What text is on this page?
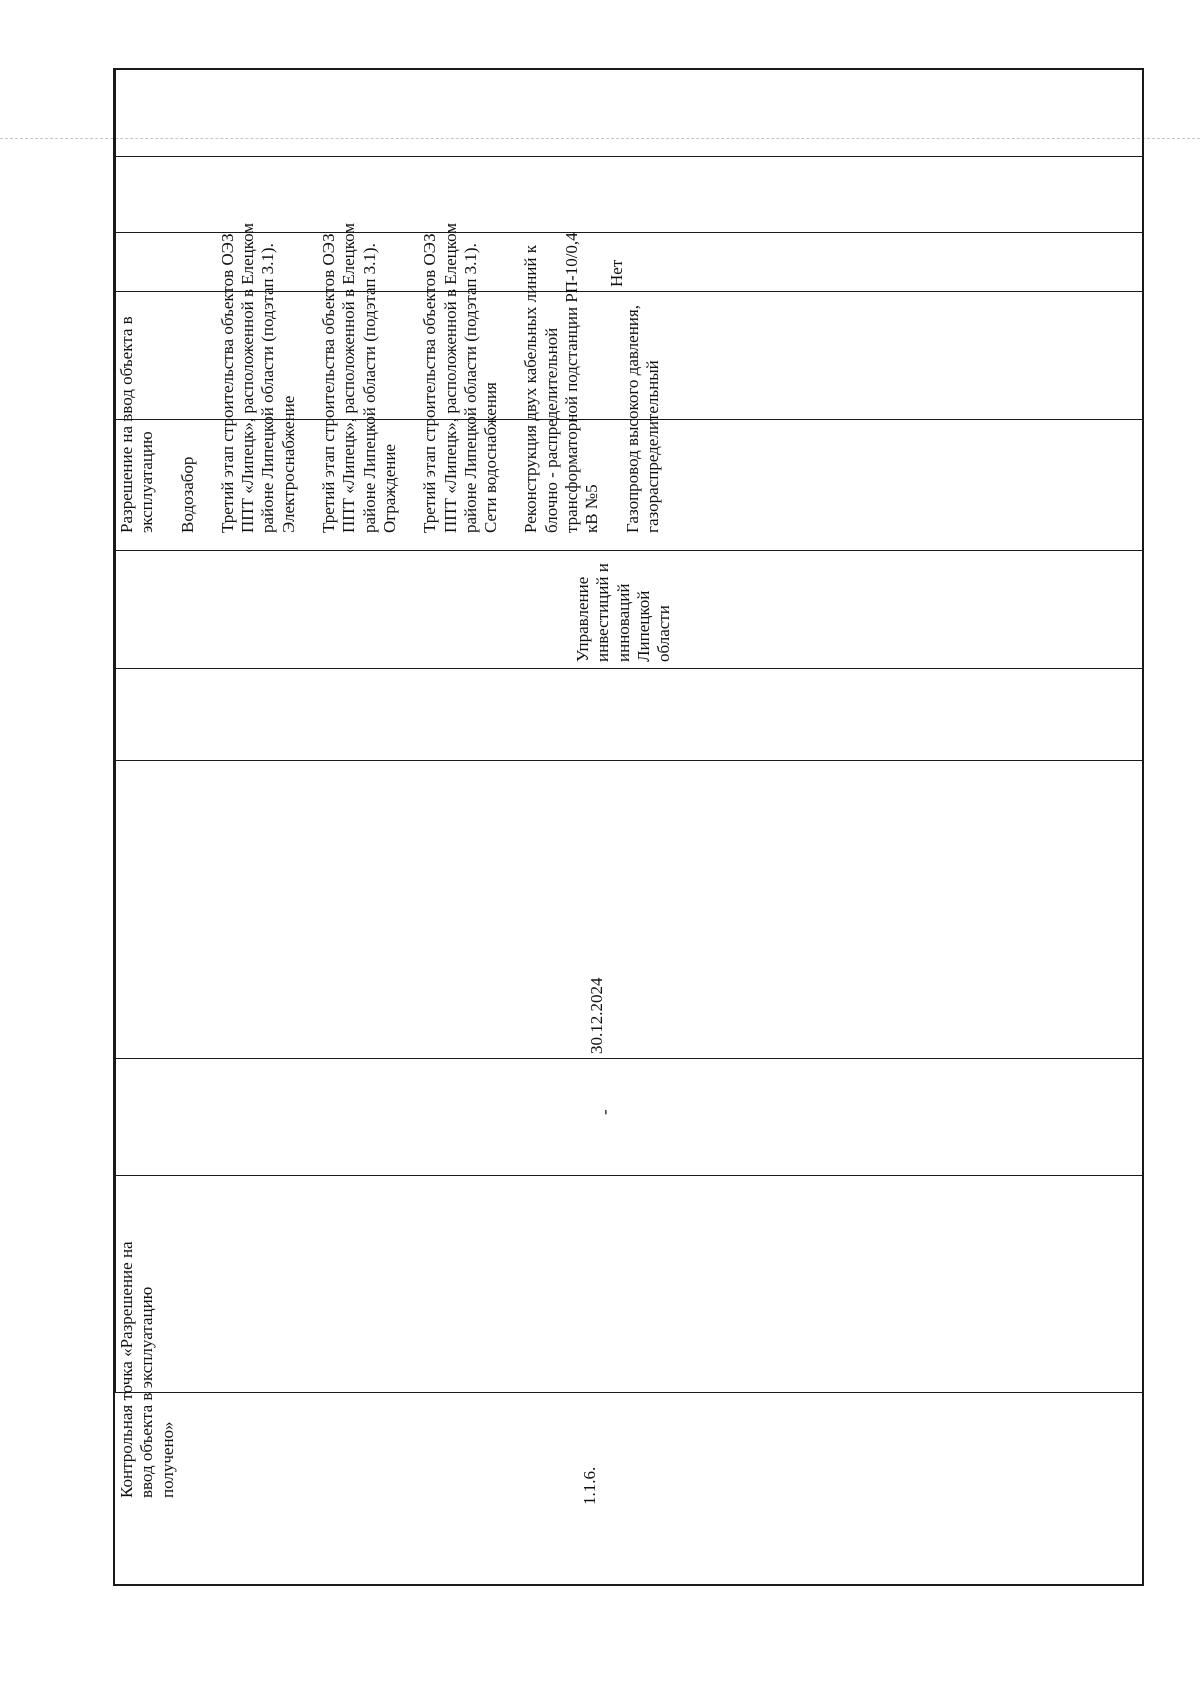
1.1.6.
Контрольная точка «Разрешение на ввод объекта в эксплуатацию получено»
-
30.12.2024
Управление инвестиций и инноваций Липецкой области

Разрешение на ввод объекта в эксплуатацию Водозабор Третий этап строительства объектов ОЭЗ ППТ «Липецк», расположенной в Елецком районе Липецкой области (подэтап 3.1). Электроснабжение Третий этап строительства объектов ОЭЗ ППТ «Липецк», расположенной в Елецком районе Липецкой области (подэтап 3.1). Ограждение Третий этап строительства объектов ОЭЗ ППТ «Липецк», расположенной в Елецком районе Липецкой области (подэтап 3.1). Сети водоснабжения Реконструкция двух кабельных линий к блочно - распределительной трансформаторной подстанции РП-10/0,4 кВ №5 Газопровод высокого давления, газораспределительный

Нет
